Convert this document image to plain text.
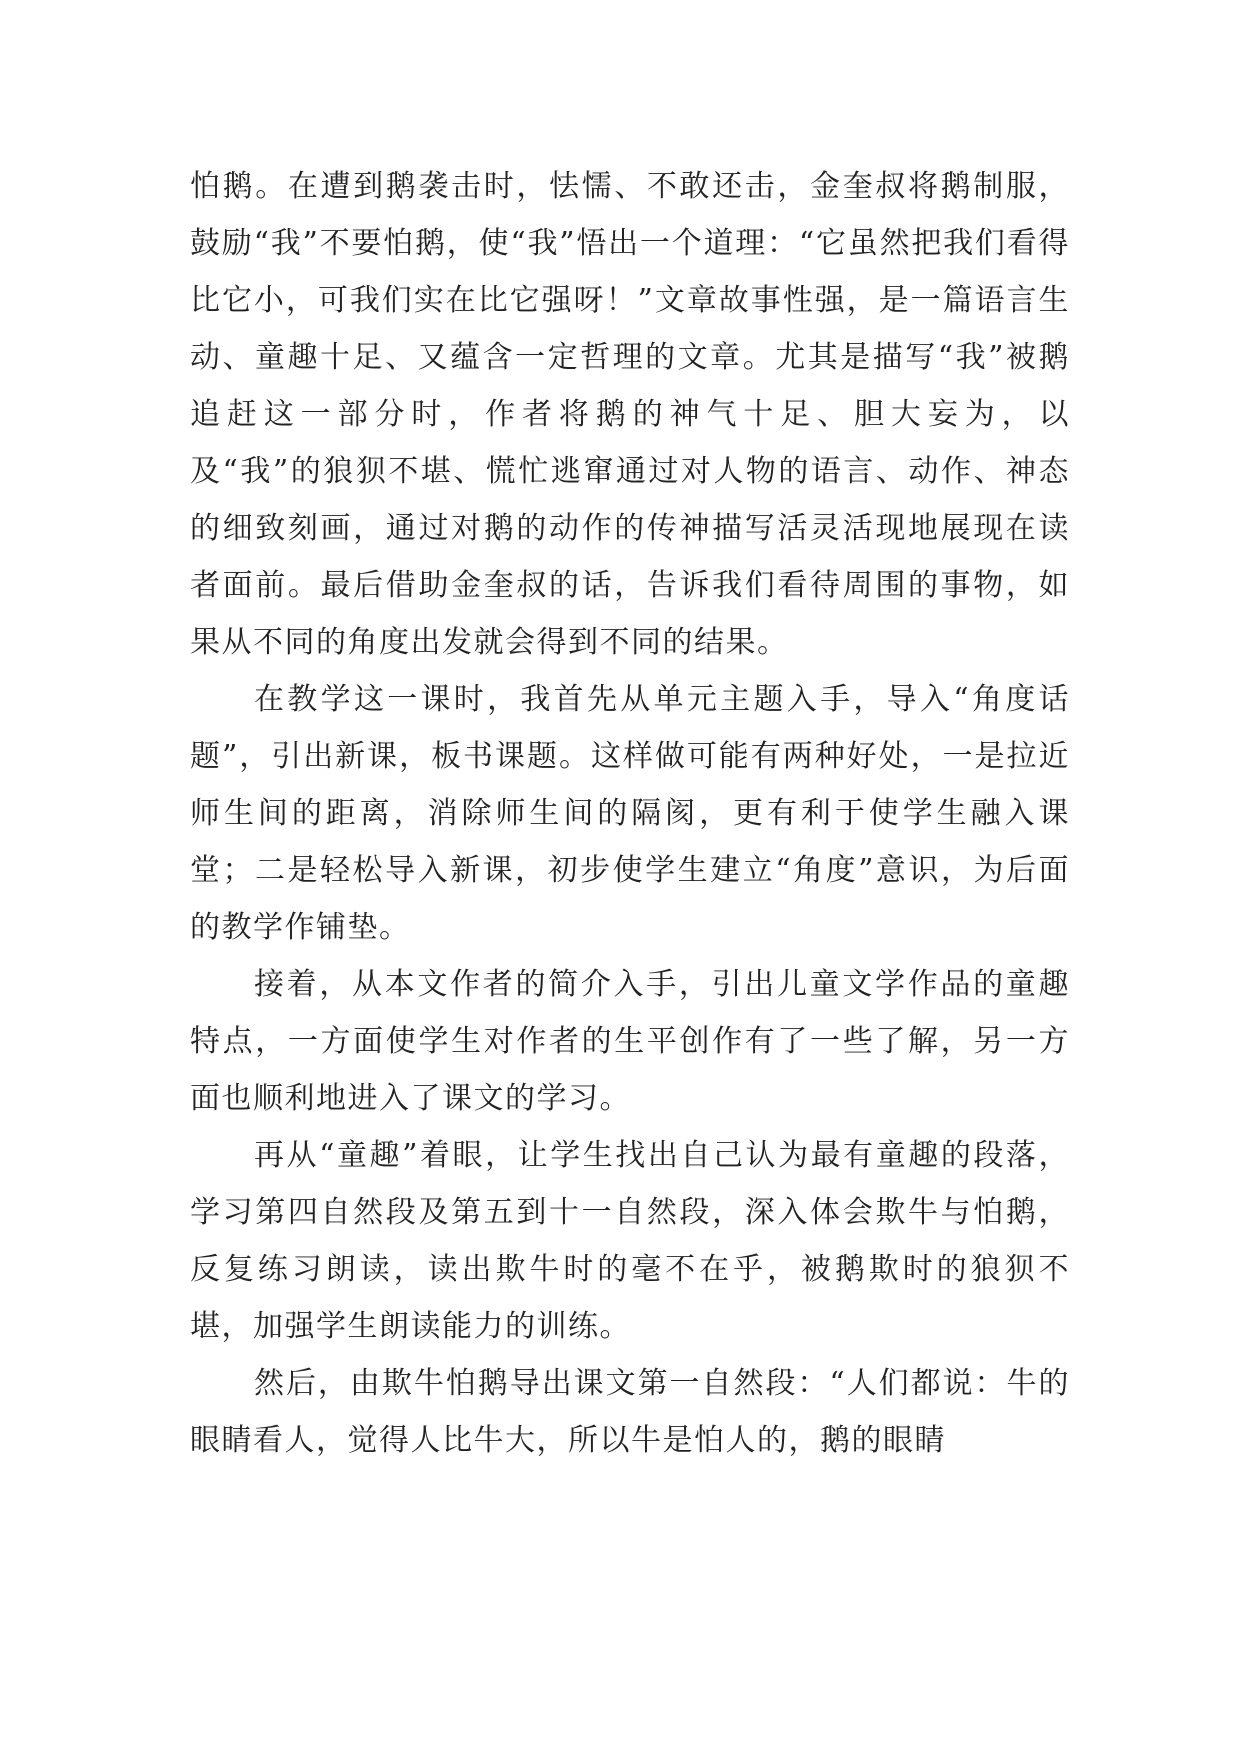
怕鹅。在遭到鹅袭击时，怯懦、不敢还击，金奎叔将鹅制服，鼓励“我”不要怕鹅，使“我”悟出一个道理：“它虽然把我们看得比它小，可我们实在比它强呀！”文章故事性强，是一篇语言生动、童趣十足、又蕴含一定哲理的文章。尤其是描写“我”被鹅追赶这一部分时，作者将鹅的神气十足、胆大妄为，以及“我”的狼狈不堪、慌忙逃窜通过对人物的语言、动作、神态的细致刻画，通过对鹅的动作的传神描写活灵活现地展现在读者面前。最后借助金奎叔的话，告诉我们看待周围的事物，如果从不同的角度出发就会得到不同的结果。

在教学这一课时，我首先从单元主题入手，导入“角度话题”，引出新课，板书课题。这样做可能有两种好处，一是拉近师生间的距离，消除师生间的隔阂，更有利于使学生融入课堂；二是轻松导入新课，初步使学生建立“角度”意识，为后面的教学作铺垫。

接着，从本文作者的简介入手，引出儿童文学作品的童趣特点，一方面使学生对作者的生平创作有了一些了解，另一方面也顺利地进入了课文的学习。

再从“童趣”着眼，让学生找出自己认为最有童趣的段落，学习第四自然段及第五到十一自然段，深入体会欺牛与怕鹅，反复练习朗读，读出欺牛时的毫不在乎，被鹅欺时的狼狈不堪，加强学生朗读能力的训练。

然后，由欺牛怕鹅导出课文第一自然段：“人们都说：牛的眼睛看人，觉得人比牛大，所以牛是怕人的，鹅的眼睛
